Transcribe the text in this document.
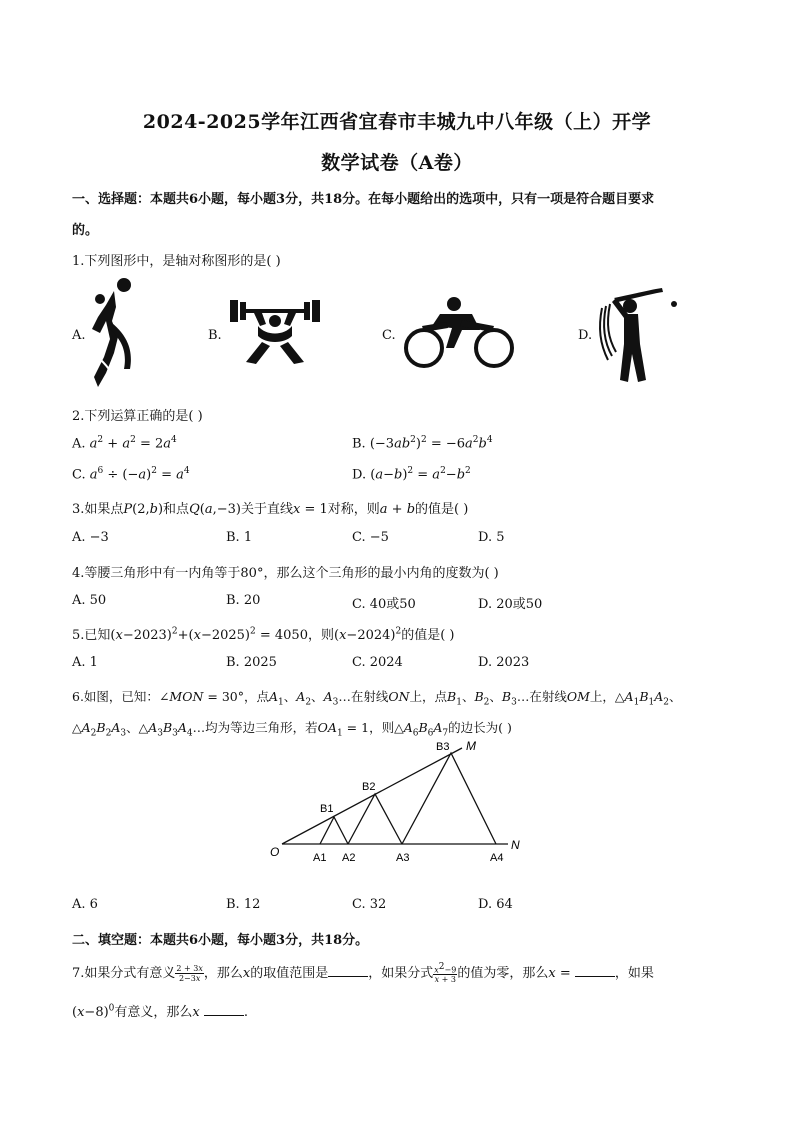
2024-2025学年江西省宜春市丰城九中八年级（上）开学
数学试卷（A卷）
一、选择题：本题共6小题，每小题3分，共18分。在每小题给出的选项中，只有一项是符合题目要求
的。
1.下列图形中，是轴对称图形的是( )
A.	B.	C.	D.
2.下列运算正确的是( )
A. $a^2 + a^2 = 2a^4$	B. $(-3ab^2)^2 = -6a^2b^4$
C. $a^6 \div (-a)^2 = a^4$	D. $(a-b)^2 = a^2-b^2$
3.如果点P(2,b)和点Q(a,−3)关于直线x = 1对称，则a + b的值是( )
A. −3	B. 1	C. −5	D. 5
4.等腰三角形中有一内角等于80°，那么这个三角形的最小内角的度数为( )
A. 50	B. 20	C. 40或50	D. 20或50
5.已知$(x-2023)^2+(x-2025)^2 = 4050$，则$(x-2024)^2$的值是( )
A. 1	B. 2025	C. 2024	D. 2023
6.如图，已知：∠MON = 30°，点$A_1$、$A_2$、$A_3\dots$在射线ON上，点$B_1$、$B_2$、$B_3\dots$在射线OM上，$\triangle A_1B_1A_2$、
$\triangle A_2B_2A_3$、$\triangle A_3B_3A_4\dots$均为等边三角形，若$OA_1 = 1$，则$\triangle A_6B_6A_7$的边长为( )
O	N
M
A1 A2	A3	A4
B1
B2
B3
A. 6	B. 12	C. 32	D. 64
二、填空题：本题共6小题，每小题3分，共18分。
7.如果分式有意义 $\frac{2 + 3x}{2-3x}$ ，那么x的取值范围是	，如果分式 $\frac{x^2-9}{x + 3}$ 的值为零，那么x =	，如果
$(x-8)^0$有意义，那么x	.
